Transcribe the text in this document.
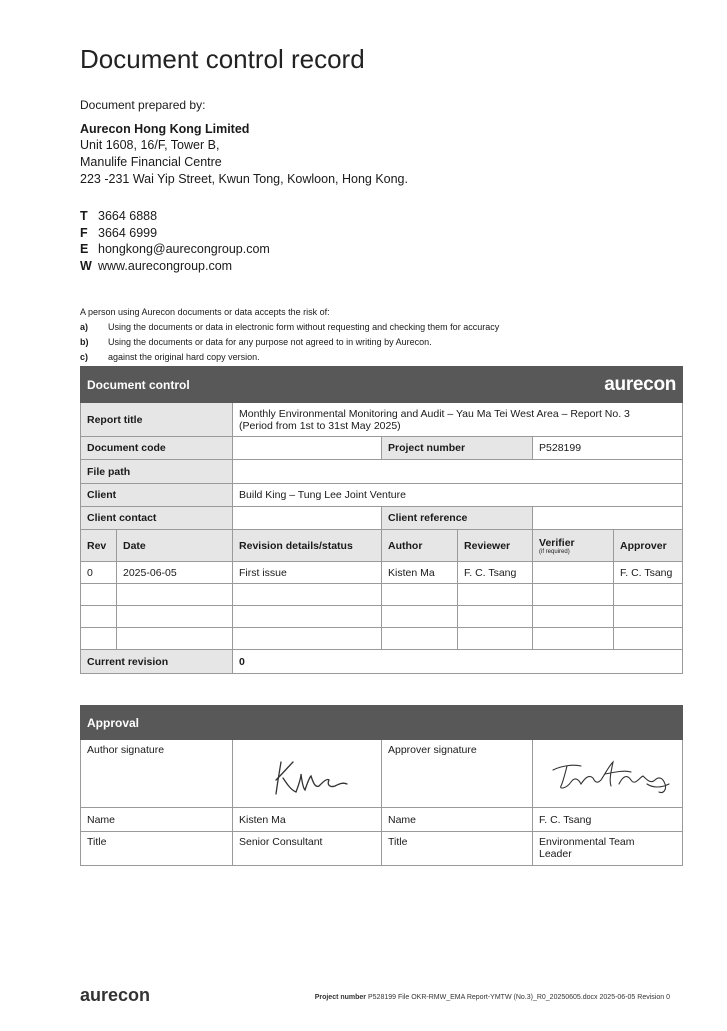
Document control record
Document prepared by:
Aurecon Hong Kong Limited
Unit 1608, 16/F, Tower B,
Manulife Financial Centre
223 -231 Wai Yip Street, Kwun Tong, Kowloon, Hong Kong.
T 3664 6888
F 3664 6999
E hongkong@aurecongroup.com
W www.aurecongroup.com
A person using Aurecon documents or data accepts the risk of:
a) Using the documents or data in electronic form without requesting and checking them for accuracy
b) Using the documents or data for any purpose not agreed to in writing by Aurecon.
c) against the original hard copy version.
Document control		aurecon				
Report title		Monthly Environmental Monitoring and Audit – Yau Ma Tei West Area – Report No. 3
(Period from 1st to 31st May 2025)				

Document code			Project number		P528199	
File path						
Client		Build King – Tung Lee Joint Venture				
Client contact			Client reference			
Rev	Date	Revision details/status	Author	Reviewer	Verifier
(if required)	Approver
0	2025-06-05	First issue	Kisten Ma	F. C. Tsang		F. C. Tsang

Current revision		0				
Approval			
Author signature		Approver signature	

Name	Kisten Ma	Name	F. C. Tsang
Title	Senior Consultant	Title	Environmental Team
Leader
aurecon	Project number P528199 File OKR-RMW_EMA Report-YMTW (No.3)_R0_20250605.docx 2025-06-05 Revision 0
